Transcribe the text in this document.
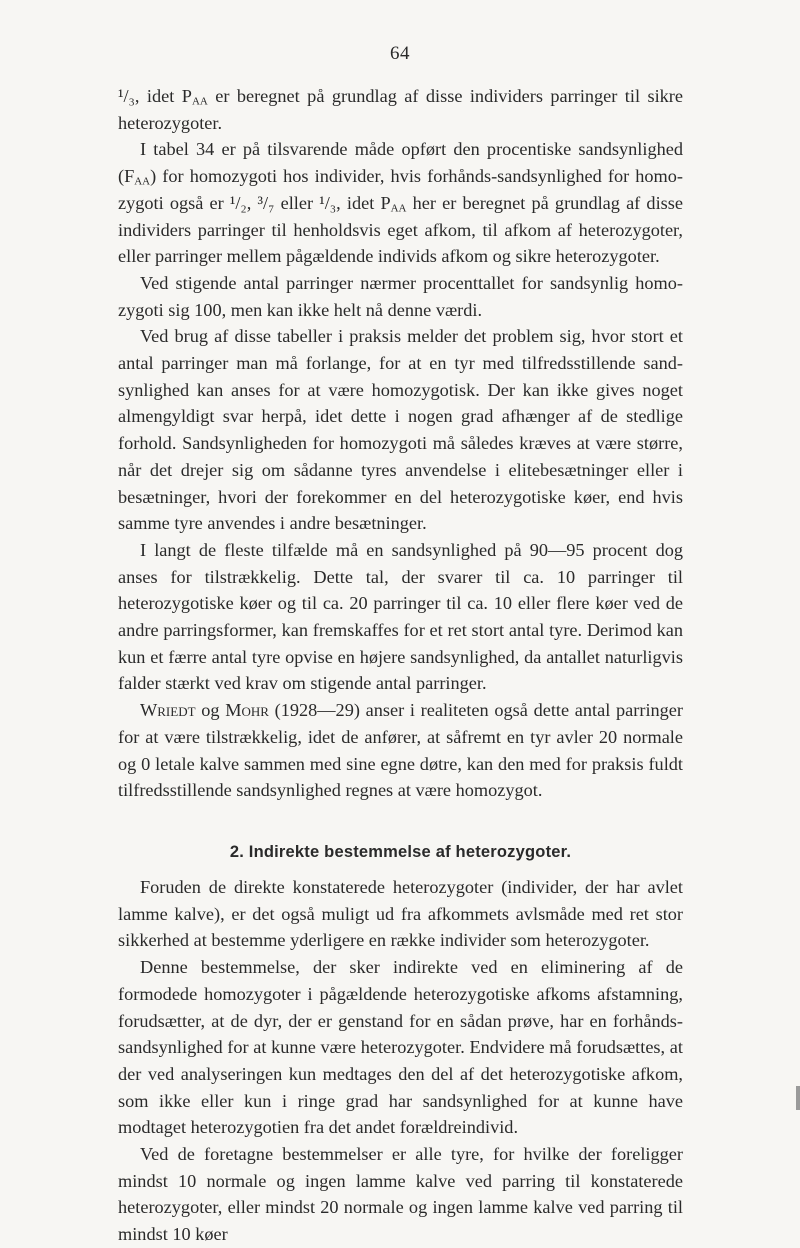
64

¹/₃, idet $P_{AA}$ er beregnet på grundlag af disse individers parringer til sikre heterozygoter.

I tabel 34 er på tilsvarende måde opført den procentiske sandsynlighed $(F_{AA})$ for homozygoti hos individer, hvis forhånds-sandsynlighed for homozygoti også er ¹/₂, ³/₇ eller ¹/₃, idet $P_{AA}$ her er beregnet på grundlag af disse individers parringer til henholdsvis eget afkom, til afkom af heterozygoter, eller parringer mellem pågældende individs afkom og sikre heterozygoter.

Ved stigende antal parringer nærmer procenttallet for sandsynlig homozygoti sig 100, men kan ikke helt nå denne værdi.

Ved brug af disse tabeller i praksis melder det problem sig, hvor stort et antal parringer man må forlange, for at en tyr med tilfredsstillende sandsynlighed kan anses for at være homozygotisk. Der kan ikke gives noget almengyldigt svar herpå, idet dette i nogen grad afhænger af de stedlige forhold. Sandsynligheden for homozygoti må således kræves at være større, når det drejer sig om sådanne tyres anvendelse i elitebesætninger eller i besætninger, hvori der forekommer en del heterozygotiske køer, end hvis samme tyre anvendes i andre besætninger.

I langt de fleste tilfælde må en sandsynlighed på 90—95 procent dog anses for tilstrækkelig. Dette tal, der svarer til ca. 10 parringer til heterozygotiske køer og til ca. 20 parringer til ca. 10 eller flere køer ved de andre parringsformer, kan fremskaffes for et ret stort antal tyre. Derimod kan kun et færre antal tyre opvise en højere sandsynlighed, da antallet naturligvis falder stærkt ved krav om stigende antal parringer.

Wriedt og Mohr (1928—29) anser i realiteten også dette antal parringer for at være tilstrækkelig, idet de anfører, at såfremt en tyr avler 20 normale og 0 letale kalve sammen med sine egne døtre, kan den med for praksis fuldt tilfredsstillende sandsynlighed regnes at være homozygot.

2. Indirekte bestemmelse af heterozygoter.

Foruden de direkte konstaterede heterozygoter (individer, der har avlet lamme kalve), er det også muligt ud fra afkommets avlsmåde med ret stor sikkerhed at bestemme yderligere en række individer som heterozygoter.

Denne bestemmelse, der sker indirekte ved en eliminering af de formodede homozygoter i pågældende heterozygotiske afkoms afstamning, forudsætter, at de dyr, der er genstand for en sådan prøve, har en forhånds-sandsynlighed for at kunne være heterozygoter. Endvidere må forudsættes, at der ved analyseringen kun medtages den del af det heterozygotiske afkom, som ikke eller kun i ringe grad har sandsynlighed for at kunne have modtaget heterozygotien fra det andet forældreindivid.

Ved de foretagne bestemmelser er alle tyre, for hvilke der foreligger mindst 10 normale og ingen lamme kalve ved parring til konstaterede heterozygoter, eller mindst 20 normale og ingen lamme kalve ved parring til mindst 10 køer
